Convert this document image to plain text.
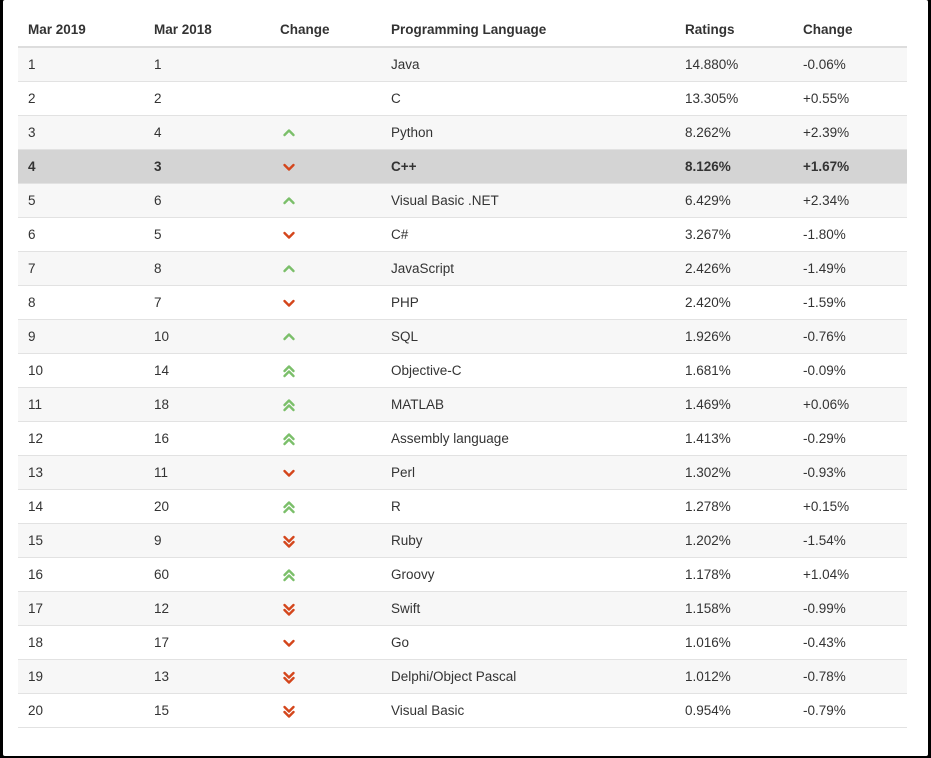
Mar 2019	Mar 2018	Change	Programming Language	Ratings	Change
1	1		Java	14.880%	-0.06%
2	2		C	13.305%	+0.55%
3	4		Python	8.262%	+2.39%
4	3		C++	8.126%	+1.67%
5	6		Visual Basic .NET	6.429%	+2.34%
6	5		C#	3.267%	-1.80%
7	8		JavaScript	2.426%	-1.49%
8	7		PHP	2.420%	-1.59%
9	10		SQL	1.926%	-0.76%
10	14		Objective-C	1.681%	-0.09%
11	18		MATLAB	1.469%	+0.06%
12	16		Assembly language	1.413%	-0.29%
13	11		Perl	1.302%	-0.93%
14	20		R	1.278%	+0.15%
15	9		Ruby	1.202%	-1.54%
16	60		Groovy	1.178%	+1.04%
17	12		Swift	1.158%	-0.99%
18	17		Go	1.016%	-0.43%
19	13		Delphi/Object Pascal	1.012%	-0.78%
20	15		Visual Basic	0.954%	-0.79%
